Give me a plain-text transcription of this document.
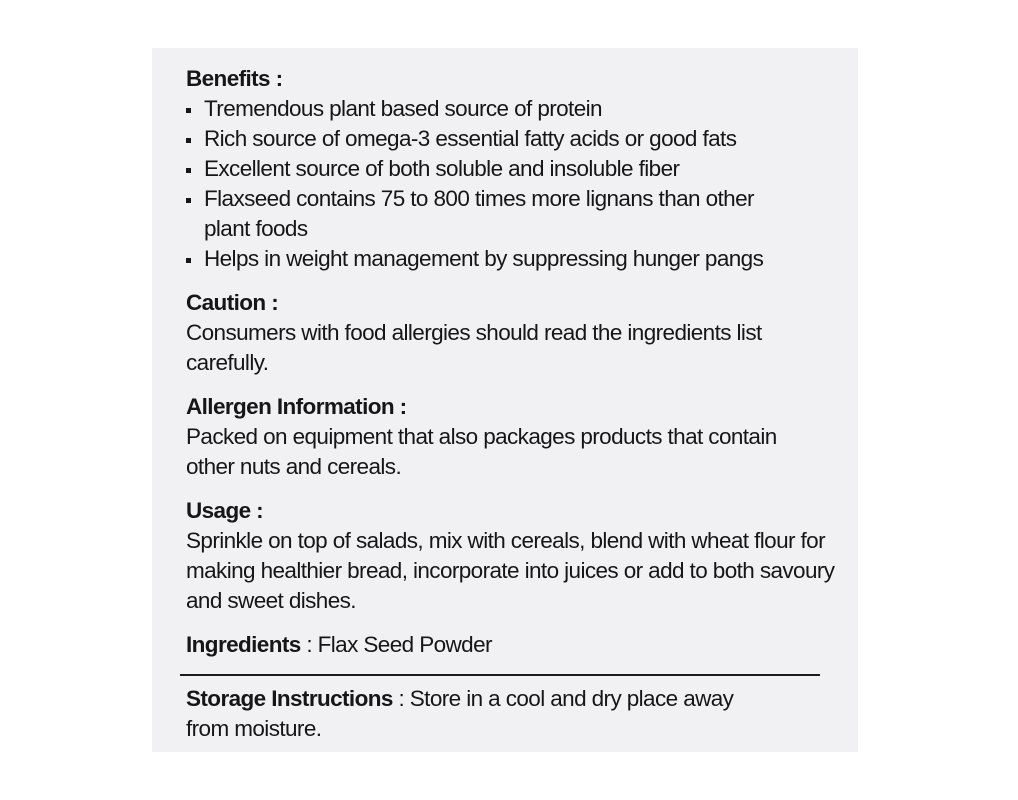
Benefits :

Tremendous plant based source of protein
Rich source of omega-3 essential fatty acids or good fats
Excellent source of both soluble and insoluble fiber
Flaxseed contains 75 to 800 times more lignans than other plant foods
Helps in weight management by suppressing hunger pangs

Caution :

Consumers with food allergies should read the ingredients list carefully.

Allergen Information :

Packed on equipment that also packages products that contain other nuts and cereals.

Usage :

Sprinkle on top of salads, mix with cereals, blend with wheat flour for making healthier bread, incorporate into juices or add to both savoury and sweet dishes.

Ingredients : Flax Seed Powder

Storage Instructions : Store in a cool and dry place away from moisture.
